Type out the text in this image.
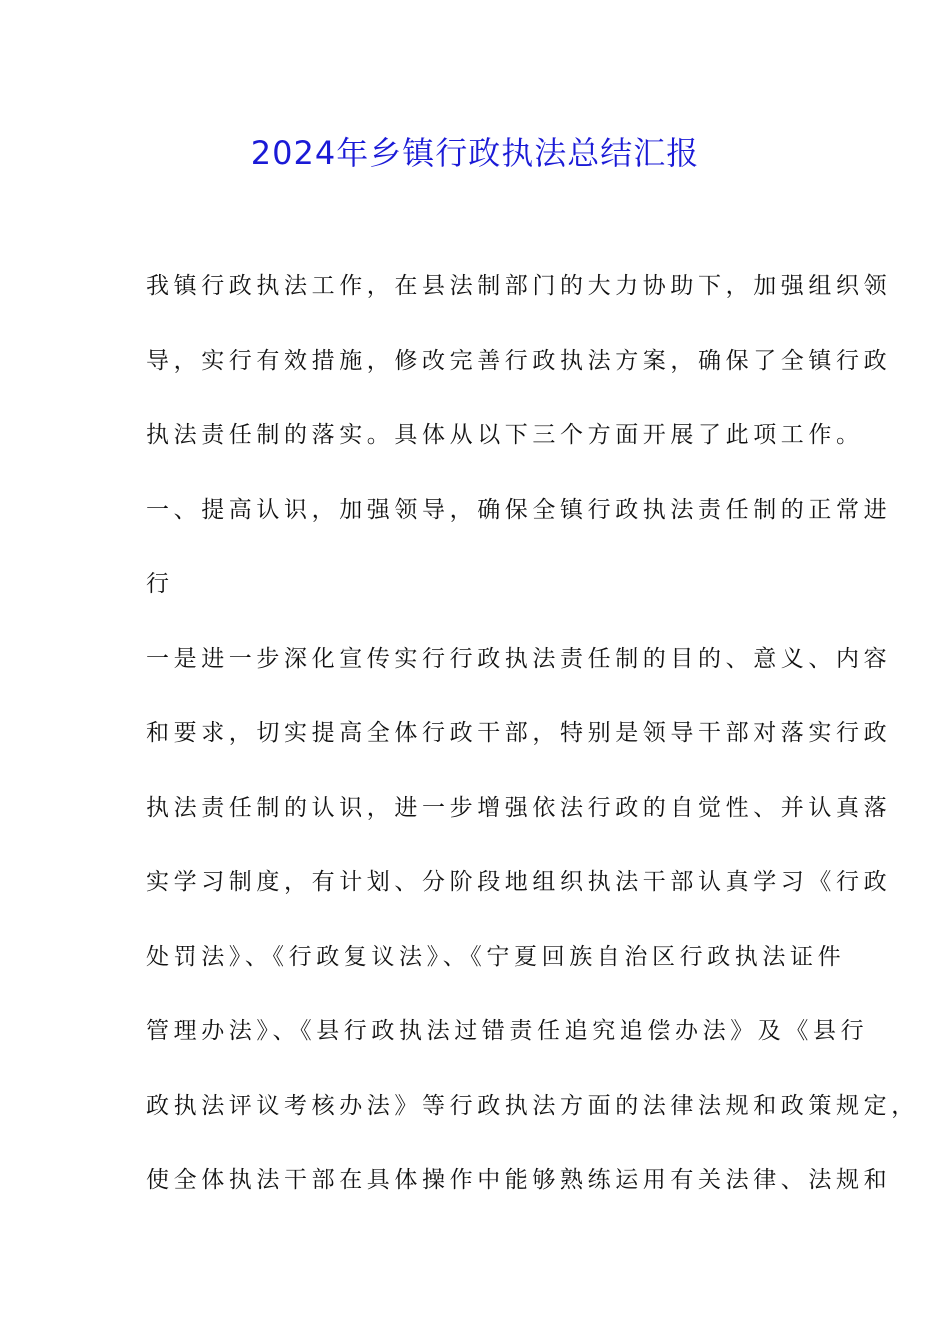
2024年乡镇行政执法总结汇报
我镇行政执法工作，在县法制部门的大力协助下，加强组织领
导，实行有效措施，修改完善行政执法方案，确保了全镇行政
执法责任制的落实。具体从以下三个方面开展了此项工作。
一、提高认识，加强领导，确保全镇行政执法责任制的正常进
行
一是进一步深化宣传实行行政执法责任制的目的、意义、内容
和要求，切实提高全体行政干部，特别是领导干部对落实行政
执法责任制的认识，进一步增强依法行政的自觉性、并认真落
实学习制度，有计划、分阶段地组织执法干部认真学习《行政
处罚法》、《行政复议法》、《宁夏回族自治区行政执法证件
管理办法》、《县行政执法过错责任追究追偿办法》及《县行
政执法评议考核办法》等行政执法方面的法律法规和政策规定，
使全体执法干部在具体操作中能够熟练运用有关法律、法规和
